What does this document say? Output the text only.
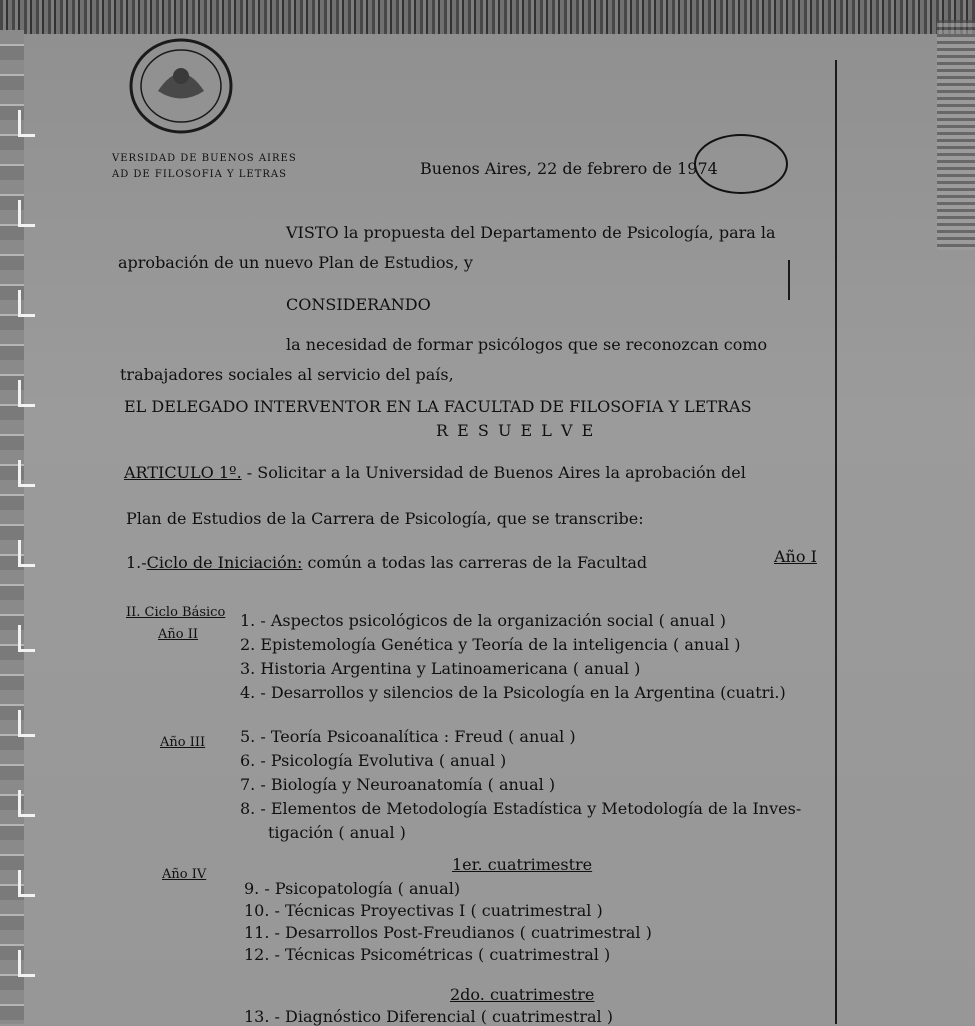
VERSIDAD DE BUENOS AIRES
AD DE FILOSOFIA Y LETRAS	Buenos Aires, 22 de febrero de 1974
VISTO la propuesta del Departamento de Psicología, para la
aprobación de un nuevo Plan de Estudios, y
CONSIDERANDO
la necesidad de formar psicólogos que se reconozcan como
trabajadores sociales al servicio del país,
EL DELEGADO INTERVENTOR EN LA FACULTAD DE FILOSOFIA Y LETRAS
R E S U E L V E
ARTICULO 1º. - Solicitar a la Universidad de Buenos Aires la aprobación del
Plan de Estudios de la Carrera de Psicología, que se transcribe:
1.-Ciclo de Iniciación: común a todas las carreras de la Facultad	Año I
II. Ciclo Básico
Año II
1. - Aspectos psicológicos de la organización social ( anual )
2. Epistemología Genética y Teoría de la inteligencia ( anual )
3. Historia Argentina y Latinoamericana ( anual )
4. - Desarrollos y silencios de la Psicología en la Argentina (cuatri.)
Año III 5. - Teoría Psicoanalítica : Freud ( anual )
6. - Psicología Evolutiva ( anual )
7. - Biología y Neuroanatomía ( anual )
8. - Elementos de Metodología Estadística y Metodología de la Inves-
tigación ( anual )
Año IV
1er. cuatrimestre
9. - Psicopatología ( anual)
10. - Técnicas Proyectivas I ( cuatrimestral )
11. - Desarrollos Post-Freudianos ( cuatrimestral )
12. - Técnicas Psicométricas ( cuatrimestral )
2do. cuatrimestre
13. - Diagnóstico Diferencial ( cuatrimestral )
